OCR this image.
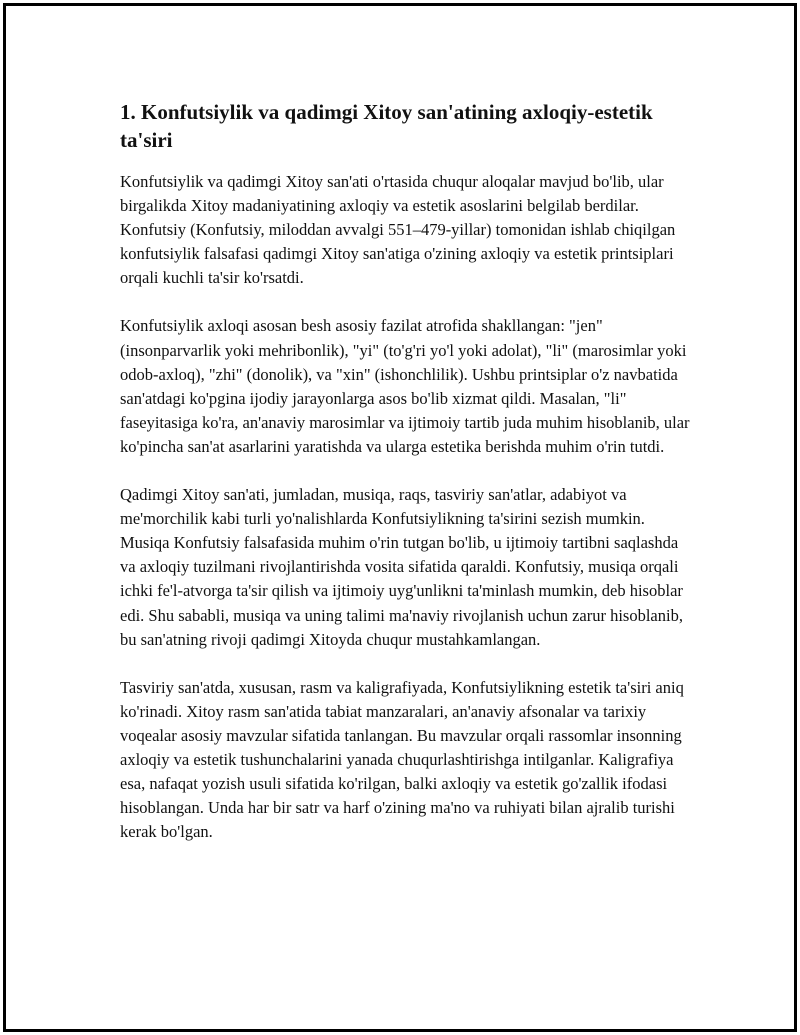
1. Konfutsiylik va qadimgi Xitoy san'atining axloqiy-estetik ta'siri

Konfutsiylik va qadimgi Xitoy san'ati o'rtasida chuqur aloqalar mavjud bo'lib, ular birgalikda Xitoy madaniyatining axloqiy va estetik asoslarini belgilab berdilar. Konfutsiy (Konfutsiy, miloddan avvalgi 551–479-yillar) tomonidan ishlab chiqilgan konfutsiylik falsafasi qadimgi Xitoy san'atiga o'zining axloqiy va estetik printsiplari orqali kuchli ta'sir ko'rsatdi.

Konfutsiylik axloqi asosan besh asosiy fazilat atrofida shakllangan: "jen" (insonparvarlik yoki mehribonlik), "yi" (to'g'ri yo'l yoki adolat), "li" (marosimlar yoki odob-axloq), "zhi" (donolik), va "xin" (ishonchlilik). Ushbu printsiplar o'z navbatida san'atdagi ko'pgina ijodiy jarayonlarga asos bo'lib xizmat qildi. Masalan, "li" faseyitasiga ko'ra, an'anaviy marosimlar va ijtimoiy tartib juda muhim hisoblanib, ular ko'pincha san'at asarlarini yaratishda va ularga estetika berishda muhim o'rin tutdi.

Qadimgi Xitoy san'ati, jumladan, musiqa, raqs, tasviriy san'atlar, adabiyot va me'morchilik kabi turli yo'nalishlarda Konfutsiylikning ta'sirini sezish mumkin. Musiqa Konfutsiy falsafasida muhim o'rin tutgan bo'lib, u ijtimoiy tartibni saqlashda va axloqiy tuzilmani rivojlantirishda vosita sifatida qaraldi. Konfutsiy, musiqa orqali ichki fe'l-atvorga ta'sir qilish va ijtimoiy uyg'unlikni ta'minlash mumkin, deb hisoblar edi. Shu sababli, musiqa va uning talimi ma'naviy rivojlanish uchun zarur hisoblanib, bu san'atning rivoji qadimgi Xitoyda chuqur mustahkamlangan.

Tasviriy san'atda, xususan, rasm va kaligrafiyada, Konfutsiylikning estetik ta'siri aniq ko'rinadi. Xitoy rasm san'atida tabiat manzaralari, an'anaviy afsonalar va tarixiy voqealar asosiy mavzular sifatida tanlangan. Bu mavzular orqali rassomlar insonning axloqiy va estetik tushunchalarini yanada chuqurlashtirishga intilganlar. Kaligrafiya esa, nafaqat yozish usuli sifatida ko'rilgan, balki axloqiy va estetik go'zallik ifodasi hisoblangan. Unda har bir satr va harf o'zining ma'no va ruhiyati bilan ajralib turishi kerak bo'lgan.
